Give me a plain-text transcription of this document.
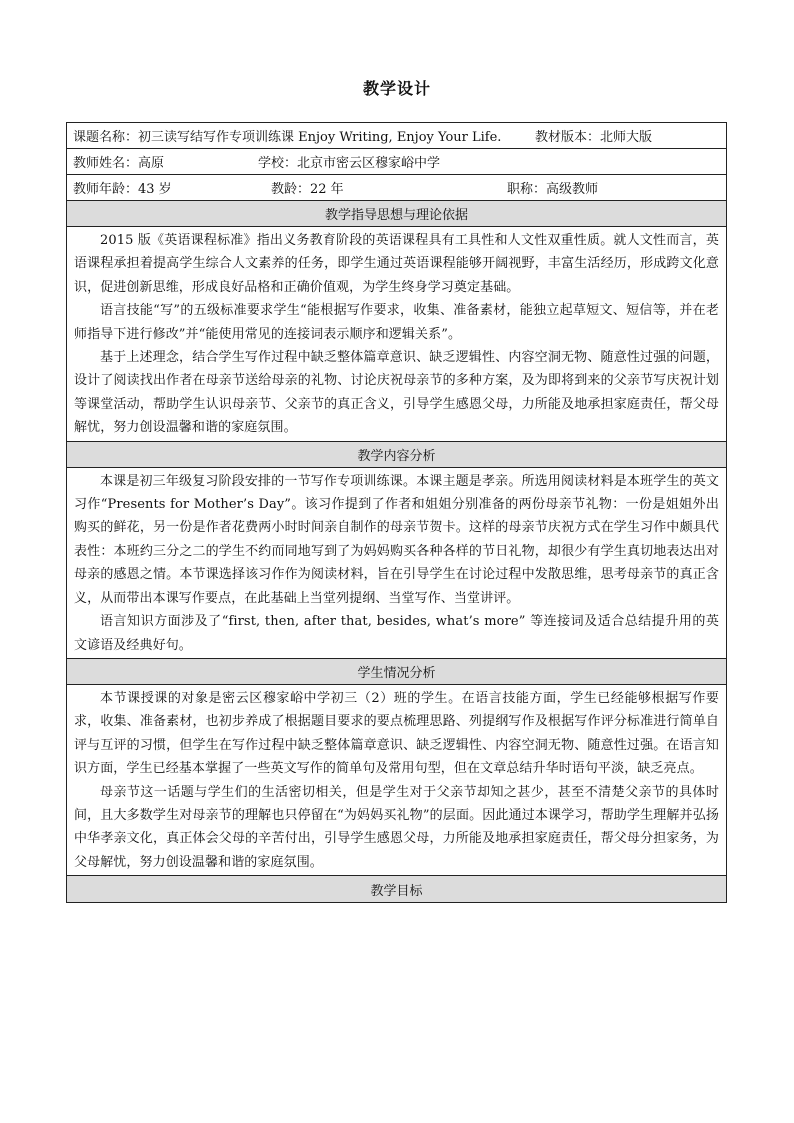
教学设计
课题名称：初三读写结写作专项训练课 Enjoy Writing, Enjoy Your Life.	教材版本：北师大版
教师姓名：高原	学校：北京市密云区穆家峪中学
教师年龄：43 岁	教龄：22 年	职称：高级教师
教学指导思想与理论依据

2015 版《英语课程标准》指出义务教育阶段的英语课程具有工具性和人文性双重性质。就人文性而言，英语课程承担着提高学生综合人文素养的任务，即学生通过英语课程能够开阔视野，丰富生活经历，形成跨文化意识，促进创新思维，形成良好品格和正确价值观，为学生终身学习奠定基础。

语言技能“写”的五级标准要求学生“能根据写作要求，收集、准备素材，能独立起草短文、短信等，并在老师指导下进行修改”并“能使用常见的连接词表示顺序和逻辑关系”。

基于上述理念，结合学生写作过程中缺乏整体篇章意识、缺乏逻辑性、内容空洞无物、随意性过强的问题，设计了阅读找出作者在母亲节送给母亲的礼物、讨论庆祝母亲节的多种方案，及为即将到来的父亲节写庆祝计划等课堂活动，帮助学生认识母亲节、父亲节的真正含义，引导学生感恩父母，力所能及地承担家庭责任，帮父母解忧，努力创设温馨和谐的家庭氛围。

教学内容分析

本课是初三年级复习阶段安排的一节写作专项训练课。本课主题是孝亲。所选用阅读材料是本班学生的英文习作“Presents for Mother’s Day”。该习作提到了作者和姐姐分别准备的两份母亲节礼物：一份是姐姐外出购买的鲜花，另一份是作者花费两小时时间亲自制作的母亲节贺卡。这样的母亲节庆祝方式在学生习作中颇具代表性：本班约三分之二的学生不约而同地写到了为妈妈购买各种各样的节日礼物，却很少有学生真切地表达出对母亲的感恩之情。本节课选择该习作作为阅读材料，旨在引导学生在讨论过程中发散思维，思考母亲节的真正含义，从而带出本课写作要点，在此基础上当堂列提纲、当堂写作、当堂讲评。

语言知识方面涉及了“first, then, after that, besides, what’s more” 等连接词及适合总结提升用的英文谚语及经典好句。

学生情况分析

本节课授课的对象是密云区穆家峪中学初三（2）班的学生。在语言技能方面，学生已经能够根据写作要求，收集、准备素材，也初步养成了根据题目要求的要点梳理思路、列提纲写作及根据写作评分标准进行简单自评与互评的习惯，但学生在写作过程中缺乏整体篇章意识、缺乏逻辑性、内容空洞无物、随意性过强。在语言知识方面，学生已经基本掌握了一些英文写作的简单句及常用句型，但在文章总结升华时语句平淡，缺乏亮点。

母亲节这一话题与学生们的生活密切相关，但是学生对于父亲节却知之甚少，甚至不清楚父亲节的具体时间，且大多数学生对母亲节的理解也只停留在“为妈妈买礼物”的层面。因此通过本课学习，帮助学生理解并弘扬中华孝亲文化，真正体会父母的辛苦付出，引导学生感恩父母，力所能及地承担家庭责任，帮父母分担家务，为父母解忧，努力创设温馨和谐的家庭氛围。

教学目标
